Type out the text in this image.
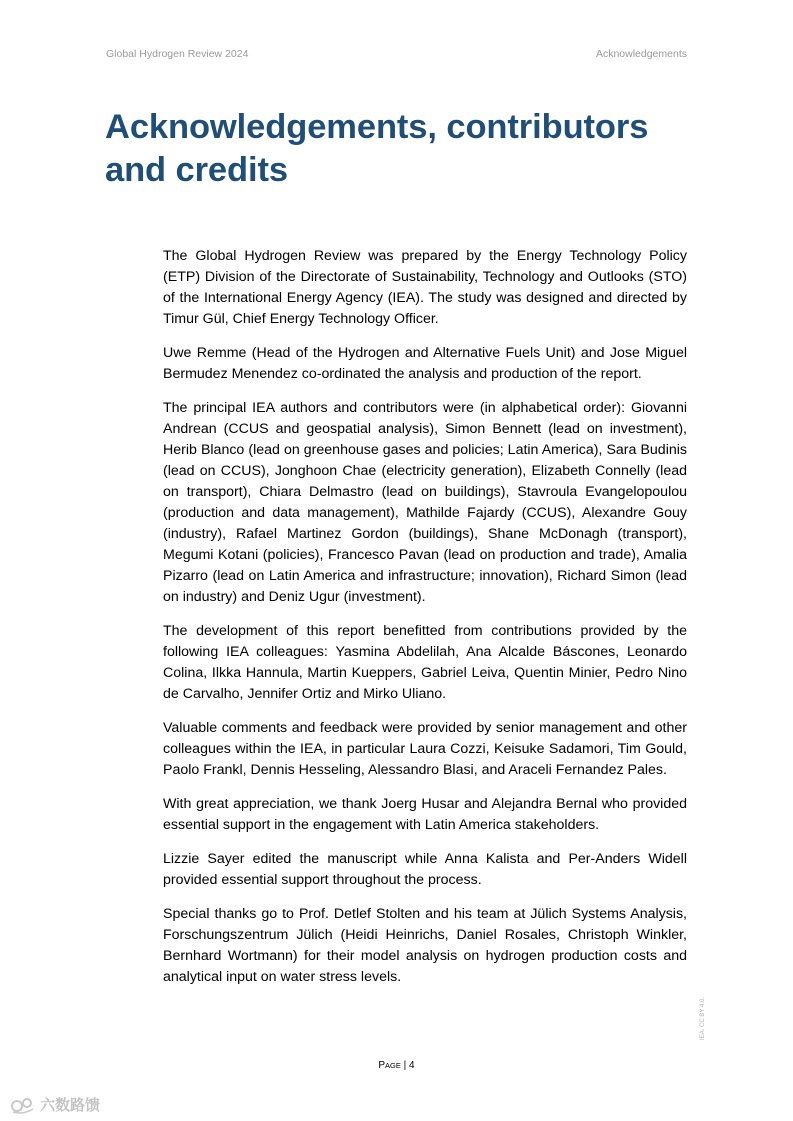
Global Hydrogen Review 2024	Acknowledgements
Acknowledgements, contributors and credits

The Global Hydrogen Review was prepared by the Energy Technology Policy (ETP) Division of the Directorate of Sustainability, Technology and Outlooks (STO) of the International Energy Agency (IEA). The study was designed and directed by Timur Gül, Chief Energy Technology Officer.

Uwe Remme (Head of the Hydrogen and Alternative Fuels Unit) and Jose Miguel Bermudez Menendez co-ordinated the analysis and production of the report.

The principal IEA authors and contributors were (in alphabetical order): Giovanni Andrean (CCUS and geospatial analysis), Simon Bennett (lead on investment), Herib Blanco (lead on greenhouse gases and policies; Latin America), Sara Budinis (lead on CCUS), Jonghoon Chae (electricity generation), Elizabeth Connelly (lead on transport), Chiara Delmastro (lead on buildings), Stavroula Evangelopoulou (production and data management), Mathilde Fajardy (CCUS), Alexandre Gouy (industry), Rafael Martinez Gordon (buildings), Shane McDonagh (transport), Megumi Kotani (policies), Francesco Pavan (lead on production and trade), Amalia Pizarro (lead on Latin America and infrastructure; innovation), Richard Simon (lead on industry) and Deniz Ugur (investment).

The development of this report benefitted from contributions provided by the following IEA colleagues: Yasmina Abdelilah, Ana Alcalde Báscones, Leonardo Colina, Ilkka Hannula, Martin Kueppers, Gabriel Leiva, Quentin Minier, Pedro Nino de Carvalho, Jennifer Ortiz and Mirko Uliano.

Valuable comments and feedback were provided by senior management and other colleagues within the IEA, in particular Laura Cozzi, Keisuke Sadamori, Tim Gould, Paolo Frankl, Dennis Hesseling, Alessandro Blasi, and Araceli Fernandez Pales.

With great appreciation, we thank Joerg Husar and Alejandra Bernal who provided essential support in the engagement with Latin America stakeholders.

Lizzie Sayer edited the manuscript while Anna Kalista and Per-Anders Widell provided essential support throughout the process.

Special thanks go to Prof. Detlef Stolten and his team at Jülich Systems Analysis, Forschungszentrum Jülich (Heidi Heinrichs, Daniel Rosales, Christoph Winkler, Bernhard Wortmann) for their model analysis on hydrogen production costs and analytical input on water stress levels.

PAGE | 4
IEA. CC BY 4.0.
六数路馈
